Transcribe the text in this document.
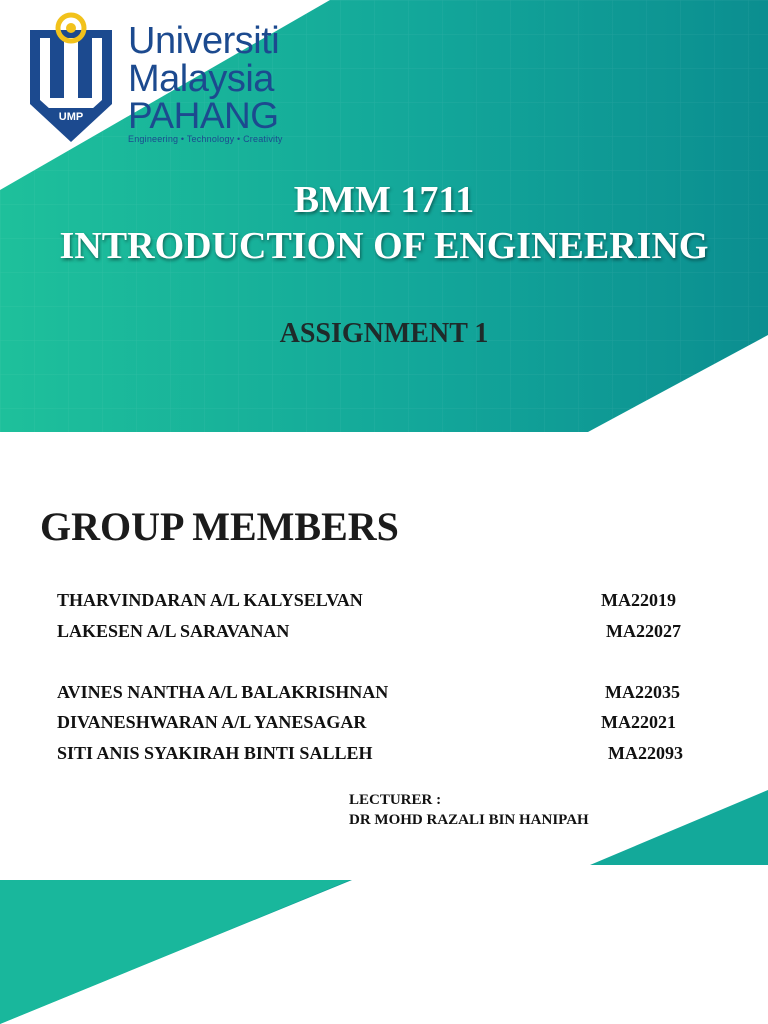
UMP
Universiti
Malaysia
PAHANG
Engineering • Technology • Creativity
BMM 1711
INTRODUCTION OF ENGINEERING
ASSIGNMENT 1
GROUP MEMBERS
THARVINDARAN A/L KALYSELVAN	MA22019
LAKESEN A/L SARAVANAN	MA22027
AVINES NANTHA A/L BALAKRISHNAN	MA22035
DIVANESHWARAN A/L YANESAGAR	MA22021
SITI ANIS SYAKIRAH BINTI SALLEH	MA22093
LECTURER :
DR MOHD RAZALI BIN HANIPAH
